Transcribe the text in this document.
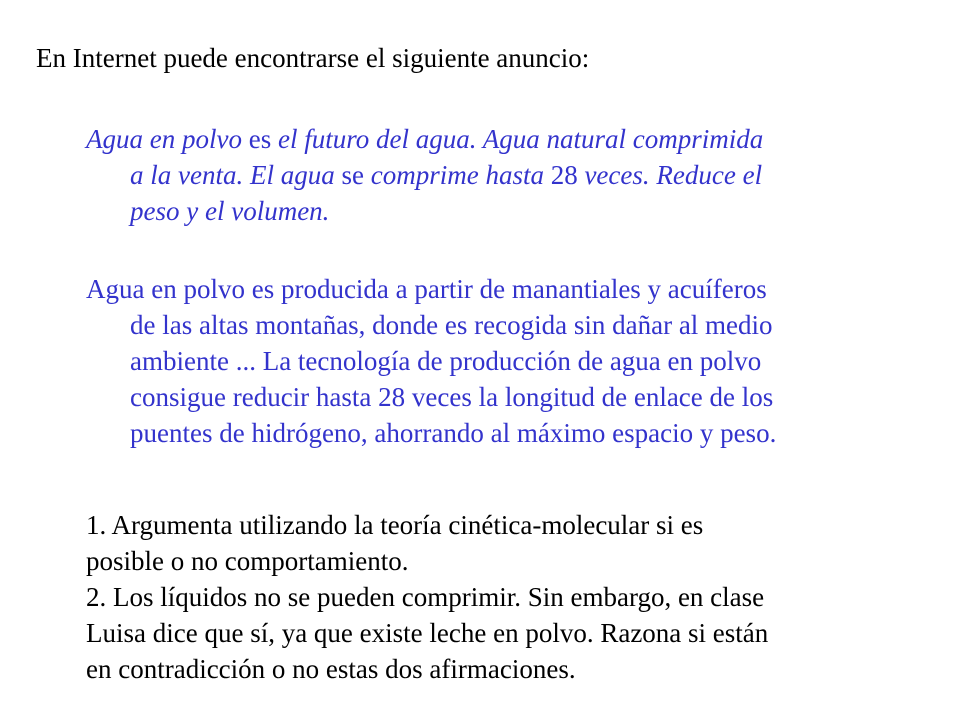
En Internet puede encontrarse el siguiente anuncio:

Agua en polvo es el futuro del agua. Agua natural comprimida
a la venta. El agua se comprime hasta 28 veces. Reduce el
peso y el volumen.

Agua en polvo es producida a partir de manantiales y acuíferos
de las altas montañas, donde es recogida sin dañar al medio
ambiente ... La tecnología de producción de agua en polvo
consigue reducir hasta 28 veces la longitud de enlace de los
puentes de hidrógeno, ahorrando al máximo espacio y peso.

1. Argumenta utilizando la teoría cinética-molecular si es
posible o no comportamiento.
2. Los líquidos no se pueden comprimir. Sin embargo, en clase
Luisa dice que sí, ya que existe leche en polvo. Razona si están
en contradicción o no estas dos afirmaciones.
